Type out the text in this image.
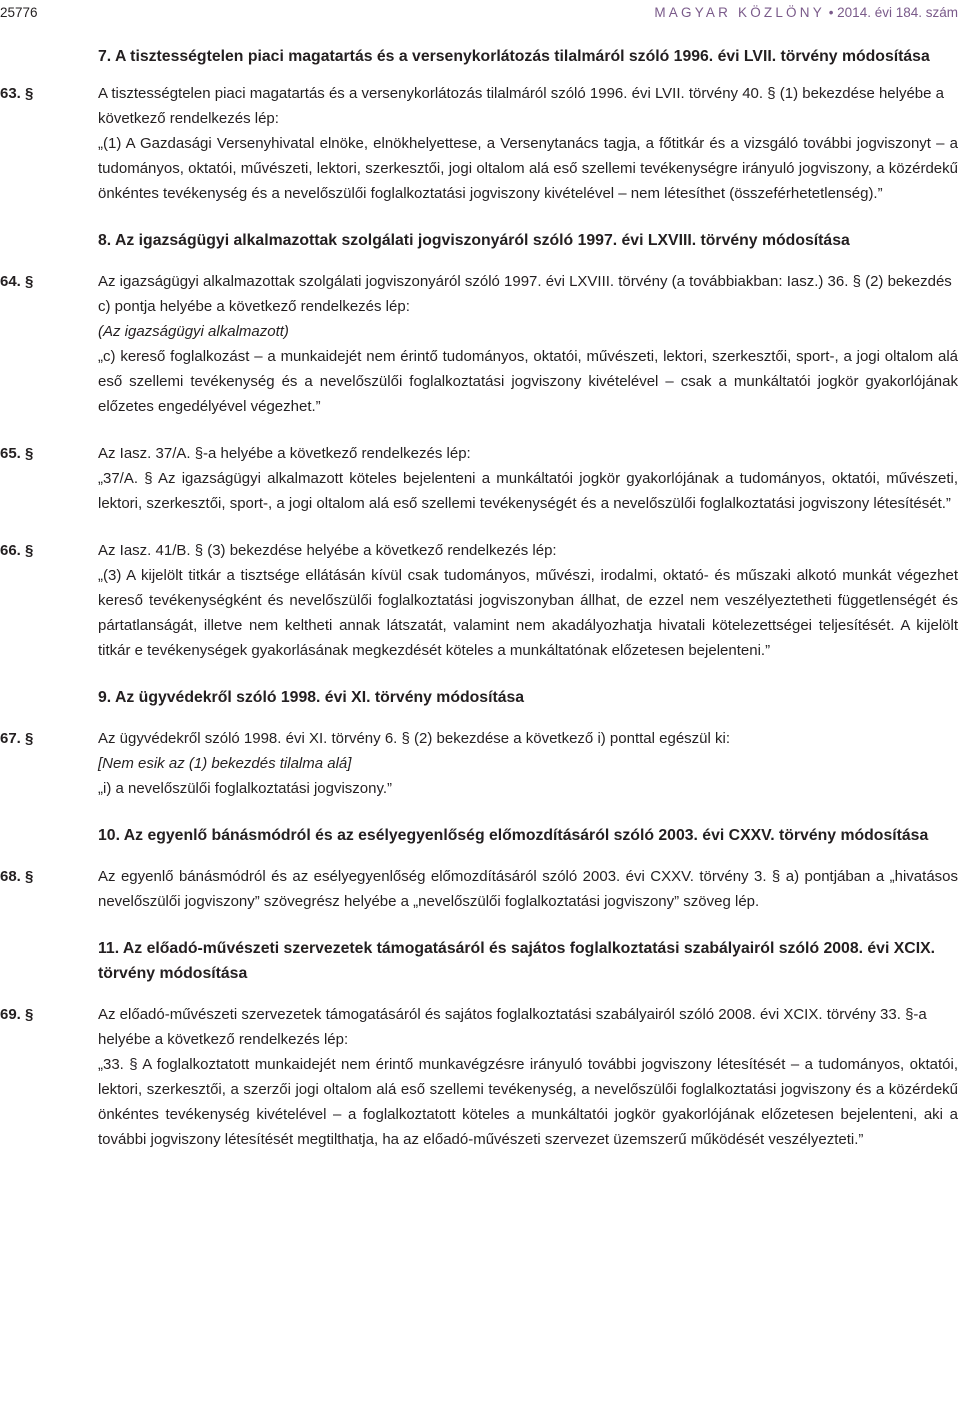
25776	MAGYAR KÖZLÖNY • 2014. évi 184. szám
7. A tisztességtelen piaci magatartás és a versenykorlátozás tilalmáról szóló 1996. évi LVII. törvény módosítása
63. §	A tisztességtelen piaci magatartás és a versenykorlátozás tilalmáról szóló 1996. évi LVII. törvény 40. § (1) bekezdése helyébe a következő rendelkezés lép:

„(1) A Gazdasági Versenyhivatal elnöke, elnökhelyettese, a Versenytanács tagja, a főtitkár és a vizsgáló további jogviszonyt – a tudományos, oktatói, művészeti, lektori, szerkesztői, jogi oltalom alá eső szellemi tevékenységre irányuló jogviszony, a közérdekű önkéntes tevékenység és a nevelőszülői foglalkoztatási jogviszony kivételével – nem létesíthet (összeférhetetlenség).”

8. Az igazságügyi alkalmazottak szolgálati jogviszonyáról szóló 1997. évi LXVIII. törvény módosítása
64. §	Az igazságügyi alkalmazottak szolgálati jogviszonyáról szóló 1997. évi LXVIII. törvény (a továbbiakban: Iasz.) 36. § (2) bekezdés c) pontja helyébe a következő rendelkezés lép:

(Az igazságügyi alkalmazott)

„c) kereső foglalkozást – a munkaidejét nem érintő tudományos, oktatói, művészeti, lektori, szerkesztői, sport-, a jogi oltalom alá eső szellemi tevékenység és a nevelőszülői foglalkoztatási jogviszony kivételével – csak a munkáltatói jogkör gyakorlójának előzetes engedélyével végezhet.”

65. §	Az Iasz. 37/A. §-a helyébe a következő rendelkezés lép:

„37/A. § Az igazságügyi alkalmazott köteles bejelenteni a munkáltatói jogkör gyakorlójának a tudományos, oktatói, művészeti, lektori, szerkesztői, sport-, a jogi oltalom alá eső szellemi tevékenységét és a nevelőszülői foglalkoztatási jogviszony létesítését.”

66. §	Az Iasz. 41/B. § (3) bekezdése helyébe a következő rendelkezés lép:

„(3) A kijelölt titkár a tisztsége ellátásán kívül csak tudományos, művészi, irodalmi, oktató- és műszaki alkotó munkát végezhet kereső tevékenységként és nevelőszülői foglalkoztatási jogviszonyban állhat, de ezzel nem veszélyeztetheti függetlenségét és pártatlanságát, illetve nem keltheti annak látszatát, valamint nem akadályozhatja hivatali kötelezettségei teljesítését. A kijelölt titkár e tevékenységek gyakorlásának megkezdését köteles a munkáltatónak előzetesen bejelenteni.”

9. Az ügyvédekről szóló 1998. évi XI. törvény módosítása
67. §	Az ügyvédekről szóló 1998. évi XI. törvény 6. § (2) bekezdése a következő i) ponttal egészül ki:

[Nem esik az (1) bekezdés tilalma alá]

„i) a nevelőszülői foglalkoztatási jogviszony.”

10. Az egyenlő bánásmódról és az esélyegyenlőség előmozdításáról szóló 2003. évi CXXV. törvény módosítása
68. §	Az egyenlő bánásmódról és az esélyegyenlőség előmozdításáról szóló 2003. évi CXXV. törvény 3. § a) pontjában a „hivatásos nevelőszülői jogviszony” szövegrész helyébe a „nevelőszülői foglalkoztatási jogviszony” szöveg lép.

11. Az előadó-művészeti szervezetek támogatásáról és sajátos foglalkoztatási szabályairól szóló 2008. évi XCIX. törvény módosítása
69. §	Az előadó-művészeti szervezetek támogatásáról és sajátos foglalkoztatási szabályairól szóló 2008. évi XCIX. törvény 33. §-a helyébe a következő rendelkezés lép:

„33. § A foglalkoztatott munkaidejét nem érintő munkavégzésre irányuló további jogviszony létesítését – a tudományos, oktatói, lektori, szerkesztői, a szerzői jogi oltalom alá eső szellemi tevékenység, a nevelőszülői foglalkoztatási jogviszony és a közérdekű önkéntes tevékenység kivételével – a foglalkoztatott köteles a munkáltatói jogkör gyakorlójának előzetesen bejelenteni, aki a további jogviszony létesítését megtilthatja, ha az előadó-művészeti szervezet üzemszerű működését veszélyezteti.”
